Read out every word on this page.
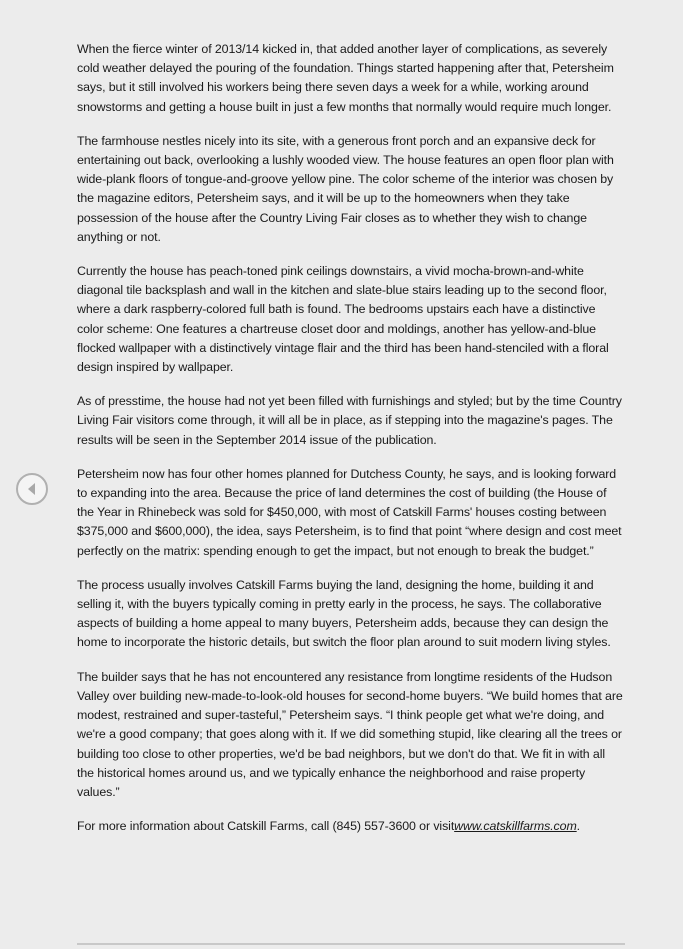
When the fierce winter of 2013/14 kicked in, that added another layer of complications, as severely cold weather delayed the pouring of the foundation. Things started happening after that, Petersheim says, but it still involved his workers being there seven days a week for a while, working around snowstorms and getting a house built in just a few months that normally would require much longer.

The farmhouse nestles nicely into its site, with a generous front porch and an expansive deck for entertaining out back, overlooking a lushly wooded view. The house features an open floor plan with wide-plank floors of tongue-and-groove yellow pine. The color scheme of the interior was chosen by the magazine editors, Petersheim says, and it will be up to the homeowners when they take possession of the house after the Country Living Fair closes as to whether they wish to change anything or not.

Currently the house has peach-toned pink ceilings downstairs, a vivid mocha-brown-and-white diagonal tile backsplash and wall in the kitchen and slate-blue stairs leading up to the second floor, where a dark raspberry-colored full bath is found. The bedrooms upstairs each have a distinctive color scheme: One features a chartreuse closet door and moldings, another has yellow-and-blue flocked wallpaper with a distinctively vintage flair and the third has been hand-stenciled with a floral design inspired by wallpaper.

As of presstime, the house had not yet been filled with furnishings and styled; but by the time Country Living Fair visitors come through, it will all be in place, as if stepping into the magazine's pages. The results will be seen in the September 2014 issue of the publication.

Petersheim now has four other homes planned for Dutchess County, he says, and is looking forward to expanding into the area. Because the price of land determines the cost of building (the House of the Year in Rhinebeck was sold for $450,000, with most of Catskill Farms' houses costing between $375,000 and $600,000), the idea, says Petersheim, is to find that point “where design and cost meet perfectly on the matrix: spending enough to get the impact, but not enough to break the budget.”

The process usually involves Catskill Farms buying the land, designing the home, building it and selling it, with the buyers typically coming in pretty early in the process, he says. The collaborative aspects of building a home appeal to many buyers, Petersheim adds, because they can design the home to incorporate the historic details, but switch the floor plan around to suit modern living styles.

The builder says that he has not encountered any resistance from longtime residents of the Hudson Valley over building new-made-to-look-old houses for second-home buyers. “We build homes that are modest, restrained and super-tasteful,” Petersheim says. “I think people get what we're doing, and we're a good company; that goes along with it. If we did something stupid, like clearing all the trees or building too close to other properties, we'd be bad neighbors, but we don't do that. We fit in with all the historical homes around us, and we typically enhance the neighborhood and raise property values.”

For more information about Catskill Farms, call (845) 557-3600 or visitwww.catskillfarms.com.
